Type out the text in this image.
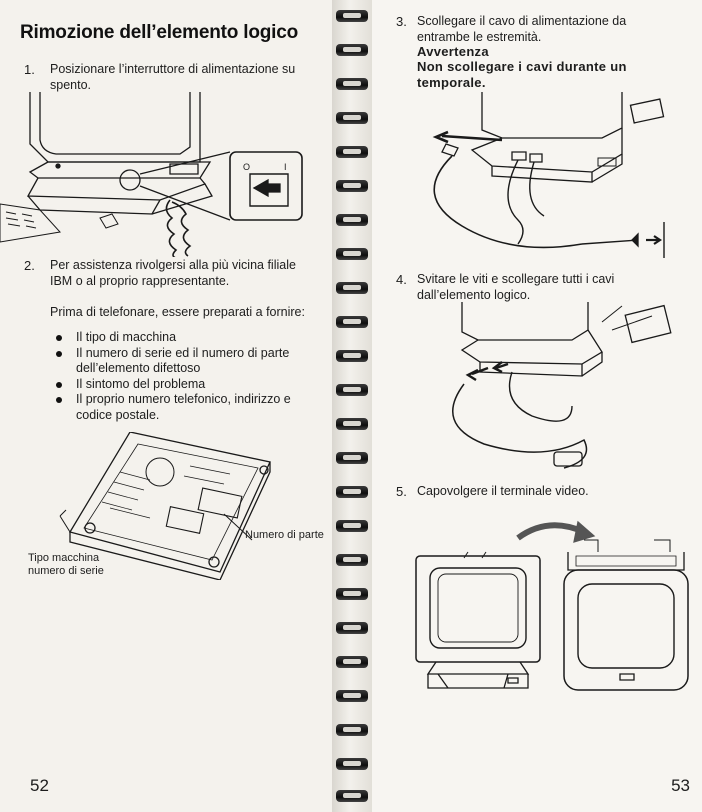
Rimozione dell’elemento logico
1. Posizionare l’interruttore di alimentazione su spento.

O	I
2. Per assistenza rivolgersi alla più vicina filiale IBM o al proprio rappresentante.

Prima di telefonare, essere preparati a fornire:

Il tipo di macchina
Il numero di serie ed il numero di parte dell’elemento difettoso
Il sintomo del problema
Il proprio numero telefonico, indirizzo e codice postale.
Numero di parte
Tipo macchina
numero di serie
52
3. Scollegare il cavo di alimentazione da entrambe le estremità.

Avvertenza

Non scollegare i cavi durante un temporale.

4. Svitare le viti e scollegare tutti i cavi dall’elemento logico.

5. Capovolgere il terminale video.

53
